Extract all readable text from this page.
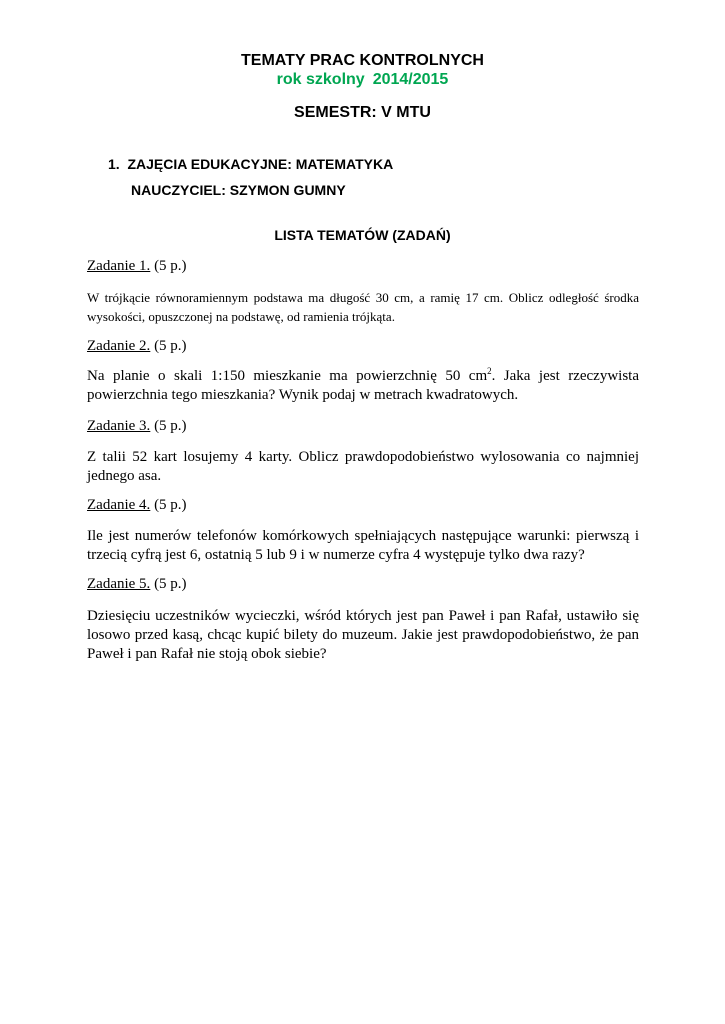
TEMATY PRAC KONTROLNYCH
rok szkolny 2014/2015
SEMESTR: V MTU
1. ZAJĘCIA EDUKACYJNE: MATEMATYKA
NAUCZYCIEL: SZYMON GUMNY
LISTA TEMATÓW (ZADAŃ)
Zadanie 1. (5 p.)
W trójkącie równoramiennym podstawa ma długość 30 cm, a ramię 17 cm. Oblicz odległość środka wysokości, opuszczonej na podstawę, od ramienia trójkąta.
Zadanie 2. (5 p.)
Na planie o skali 1:150 mieszkanie ma powierzchnię 50 $cm^2$. Jaka jest rzeczywista powierzchnia tego mieszkania? Wynik podaj w metrach kwadratowych.
Zadanie 3. (5 p.)
Z talii 52 kart losujemy 4 karty. Oblicz prawdopodobieństwo wylosowania co najmniej jednego asa.
Zadanie 4. (5 p.)
Ile jest numerów telefonów komórkowych spełniających następujące warunki: pierwszą i trzecią cyfrą jest 6, ostatnią 5 lub 9 i w numerze cyfra 4 występuje tylko dwa razy?
Zadanie 5. (5 p.)
Dziesięciu uczestników wycieczki, wśród których jest pan Paweł i pan Rafał, ustawiło się losowo przed kasą, chcąc kupić bilety do muzeum. Jakie jest prawdopodobieństwo, że pan Paweł i pan Rafał nie stoją obok siebie?
